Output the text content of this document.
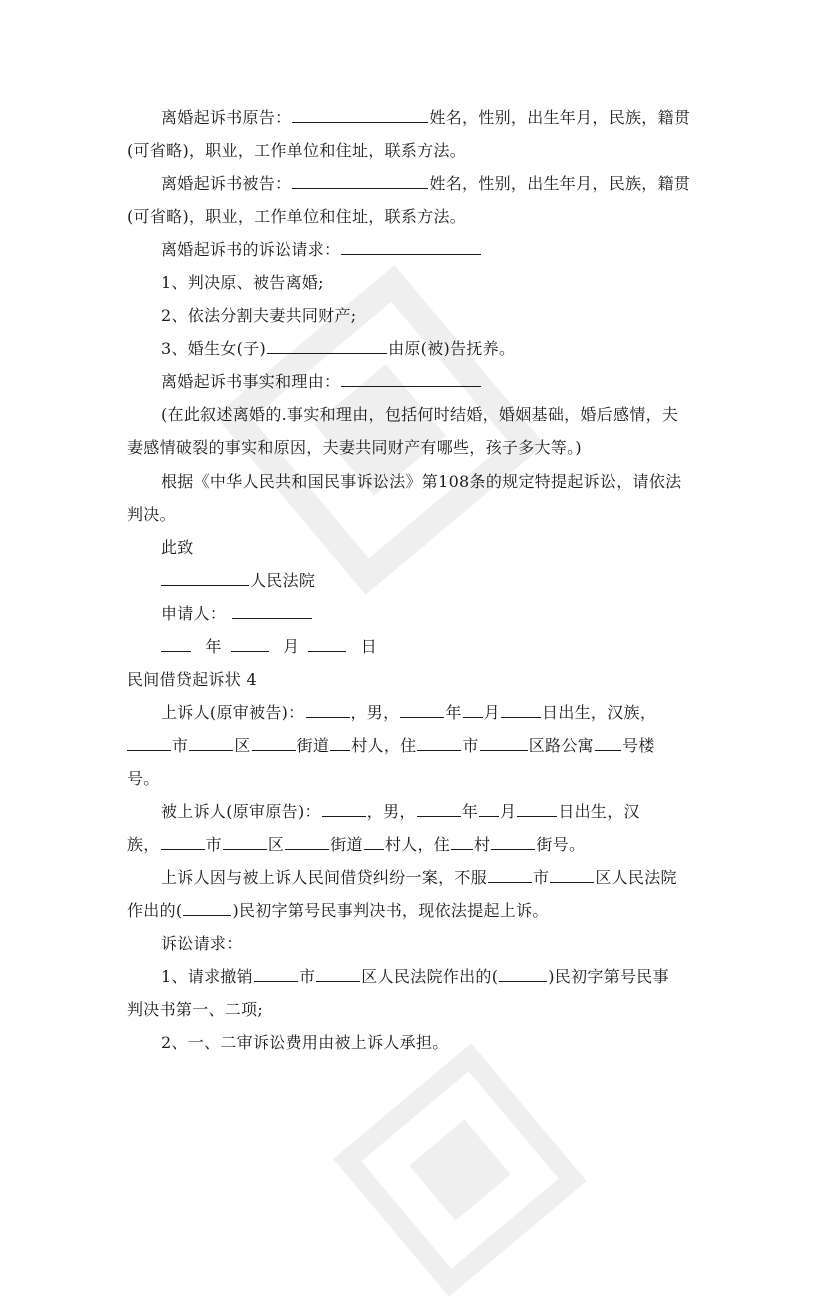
离婚起诉书原告：	姓名，性别，出生年月，民族，籍贯
(可省略)，职业，工作单位和住址，联系方法。
离婚起诉书被告：	姓名，性别，出生年月，民族，籍贯
(可省略)，职业，工作单位和住址，联系方法。
离婚起诉书的诉讼请求：
1、判决原、被告离婚;
2、依法分割夫妻共同财产;
3、婚生女(子)	由原(被)告抚养。
离婚起诉书事实和理由：
(在此叙述离婚的.事实和理由，包括何时结婚，婚姻基础，婚后感情，夫
妻感情破裂的事实和原因，夫妻共同财产有哪些，孩子多大等。)
根据《中华人民共和国民事诉讼法》第108条的规定特提起诉讼，请依法
判决。
此致
人民法院
申请人：
年	月	日
民间借贷起诉状 4
上诉人(原审被告)：	，男，	年 月	日出生，汉族，
市	区	街道 村人，住	市	区路公寓 号楼
号。
被上诉人(原审原告)：	，男，	年 月	日出生，汉
族，	市	区	街道 村人，住 村	街号。
上诉人因与被上诉人民间借贷纠纷一案，不服	市	区人民法院
作出的(	)民初字第号民事判决书，现依法提起上诉。
诉讼请求：
1、请求撤销	市	区人民法院作出的(	)民初字第号民事
判决书第一、二项;
2、一、二审诉讼费用由被上诉人承担。
